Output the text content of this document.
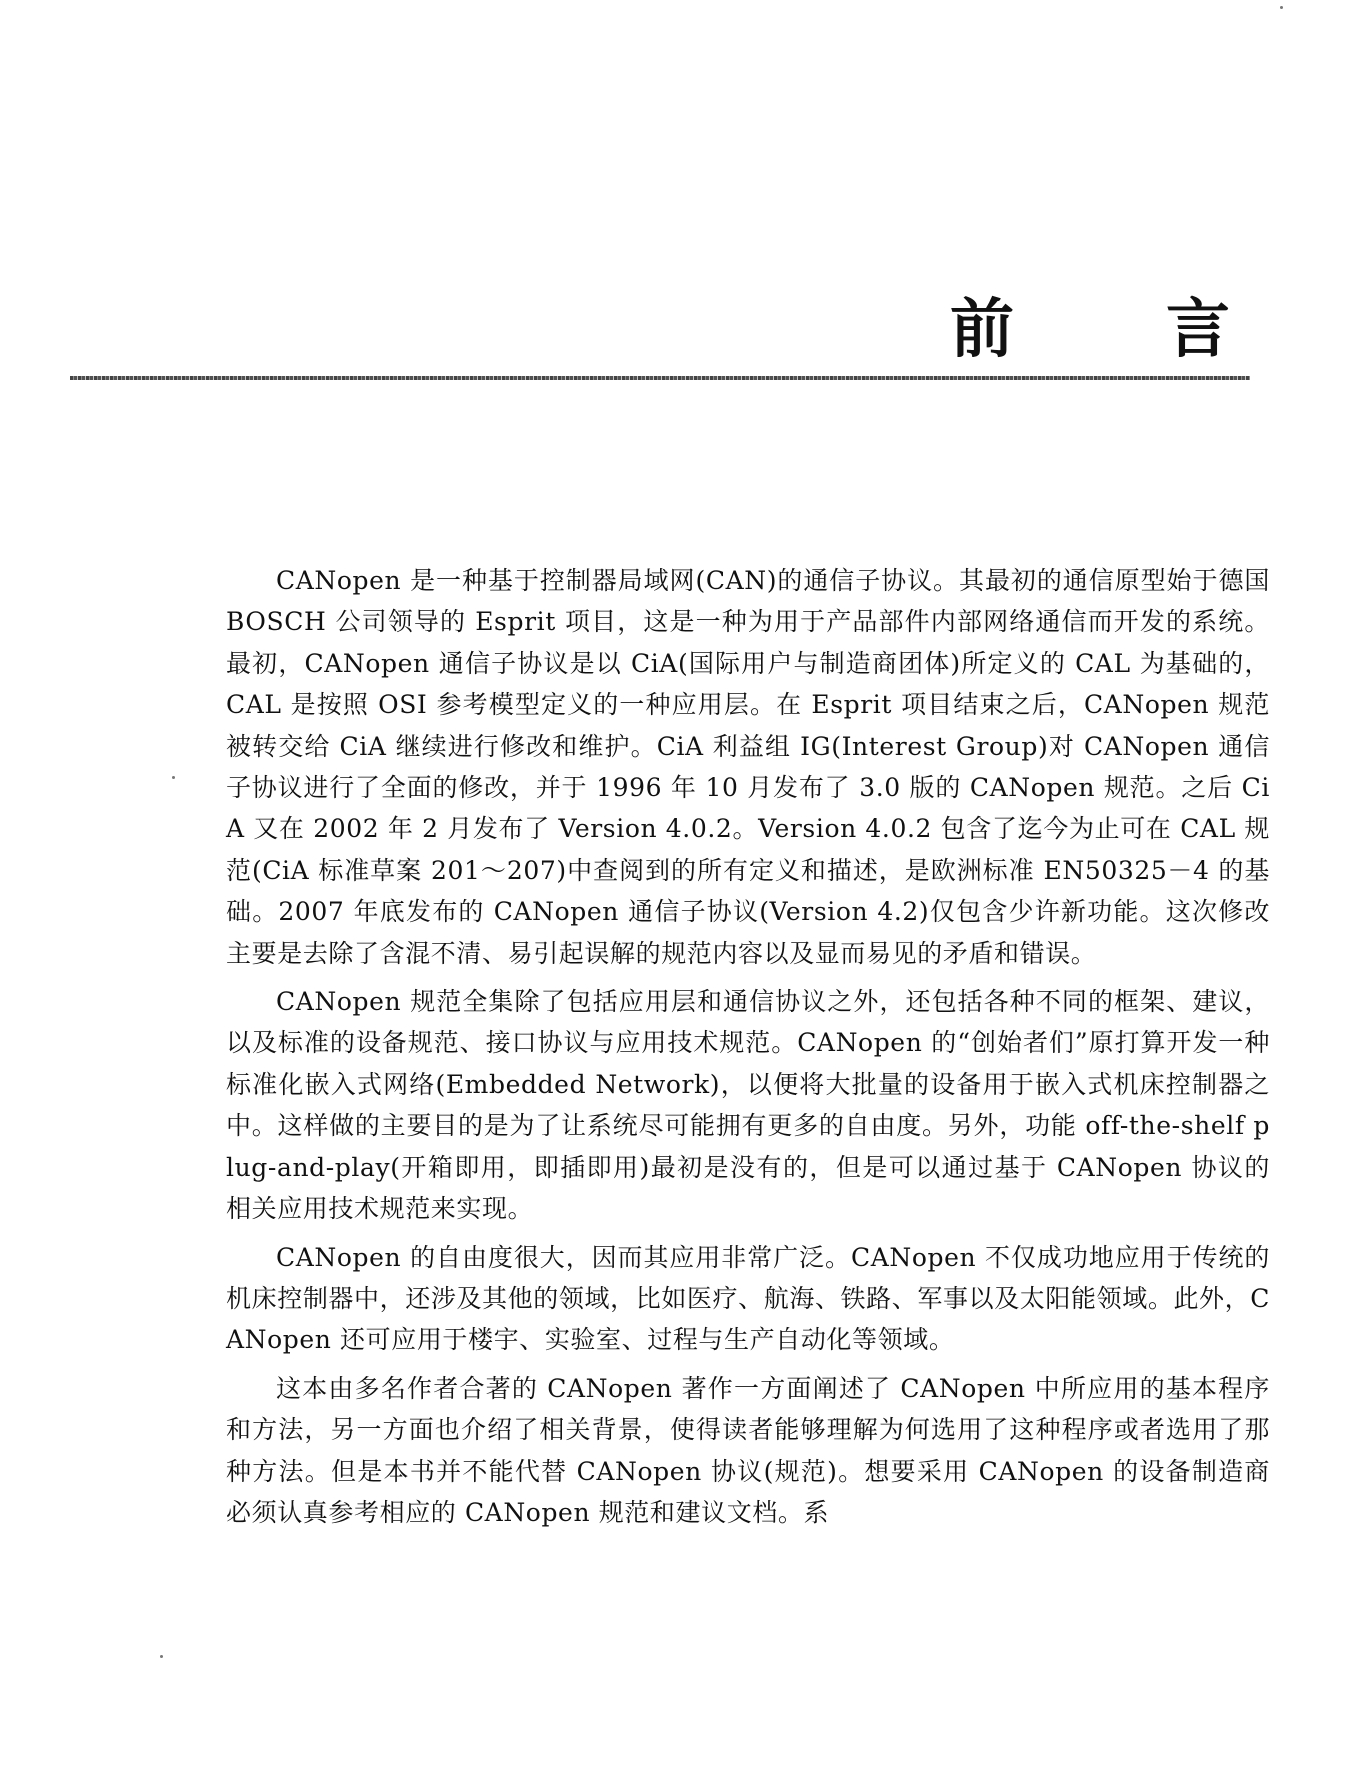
前 言

CANopen 是一种基于控制器局域网(CAN)的通信子协议。其最初的通信原型始于德国 BOSCH 公司领导的 Esprit 项目，这是一种为用于产品部件内部网络通信而开发的系统。最初，CANopen 通信子协议是以 CiA(国际用户与制造商团体)所定义的 CAL 为基础的，CAL 是按照 OSI 参考模型定义的一种应用层。在 Esprit 项目结束之后，CANopen 规范被转交给 CiA 继续进行修改和维护。CiA 利益组 IG(Interest Group)对 CANopen 通信子协议进行了全面的修改，并于 1996 年 10 月发布了 3.0 版的 CANopen 规范。之后 CiA 又在 2002 年 2 月发布了 Version 4.0.2。Version 4.0.2 包含了迄今为止可在 CAL 规范(CiA 标准草案 201～207)中查阅到的所有定义和描述，是欧洲标准 EN50325－4 的基础。2007 年底发布的 CANopen 通信子协议(Version 4.2)仅包含少许新功能。这次修改主要是去除了含混不清、易引起误解的规范内容以及显而易见的矛盾和错误。

CANopen 规范全集除了包括应用层和通信协议之外，还包括各种不同的框架、建议，以及标准的设备规范、接口协议与应用技术规范。CANopen 的“创始者们”原打算开发一种标准化嵌入式网络(Embedded Network)，以便将大批量的设备用于嵌入式机床控制器之中。这样做的主要目的是为了让系统尽可能拥有更多的自由度。另外，功能 off-the-shelf plug-and-play(开箱即用，即插即用)最初是没有的，但是可以通过基于 CANopen 协议的相关应用技术规范来实现。

CANopen 的自由度很大，因而其应用非常广泛。CANopen 不仅成功地应用于传统的机床控制器中，还涉及其他的领域，比如医疗、航海、铁路、军事以及太阳能领域。此外，CANopen 还可应用于楼宇、实验室、过程与生产自动化等领域。

这本由多名作者合著的 CANopen 著作一方面阐述了 CANopen 中所应用的基本程序和方法，另一方面也介绍了相关背景，使得读者能够理解为何选用了这种程序或者选用了那种方法。但是本书并不能代替 CANopen 协议(规范)。想要采用 CANopen 的设备制造商必须认真参考相应的 CANopen 规范和建议文档。系
